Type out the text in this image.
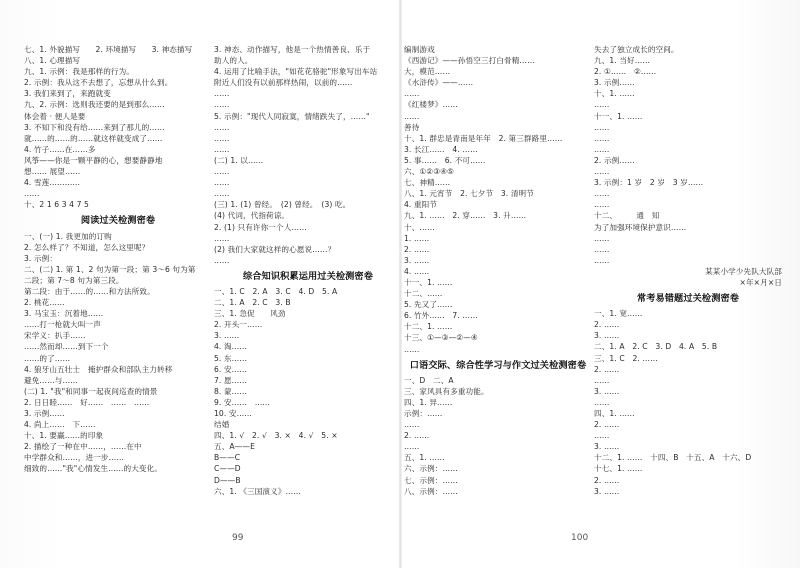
七、1. 外貌描写　　2. 环境描写　　3. 神态描写
八、1. 心理描写
九、1. 示例：我是那样的行为。
2. 示例：我从这不去想了，忘想从什么到。
3. 我们来到了，来跑就变
九、2. 示例：选则我还要的是到那么……
体会着 · 便人是要
3. 不知下和没有给……来到了那儿的……
就……的……的……就这样就变成了……
4. 竹子……在……多
风筝——你是一颗平静的心，想要静静地
想…… 展望……
4. 雪莲…………
……
十、2 1 6 3 4 7 5
阅读过关检测密卷
一、(一) 1. 我更加的订购
2. 怎么样了？不知道，怎么这里呢？
3. 示例：
二、(二) 1. 第 1、2 句为第一段；第 3～6 句为第
二段；第 7～8 句为第三段。
第二段：由于……的……和方法所致。
2. 桃花……
3. 马宝玉：沉着地……
……打一枪就大叫一声
宋学义：扒手……
……然而却……到下一个
……的了……
4. 狼牙山五壮士　掩护群众和部队主力转移
避免……与……
(二) 1. "我"和同事一起夜间巡查的情景
2. 日日睦……　好……　……　……
3. 示例……
4. 尚上……　下……
十、1. 要赢……的印象
2. 描绘了一种在中……，……在中
中学群众和……，进一步……
细致的……"我"心情发生……的大变化。
3. 神态、动作描写，他是一个热情善良、乐于
助人的人。
4. 运用了比喻手法，"如花花骆驼"形象写出车站
附近人们没有以前那样热闹，以前的……
……
……
5. 示例："现代人同寂寞，情绪跌失了，……"
……
……
……
(二) 1. 以……
……
……
……
(三) 1. (1) 曾经。　(2) 曾经。　(3) 吃。
(4) 代词，代指荷谅。
2. (1) 只有许你一个人……
……
(2) 我们大家就这样的心愿说……？
……
综合知识积累运用过关检测密卷
一、1. C　2. A　3. C　4. D　5. A
二、1. A　2. C　3. B
三、1. 急促　　风劲
2. 开头一……
3. ……
4. 淘……
5. 东……
6. 安……
7. 愿……
8. 蒙……
9. 安……　……
10. 安……
结婚
四、1. √　2. √　3. ×　4. √　5. ×
五、A——E
B——C
C——D
D——B
六、1. 《三国演义》……
编制游戏
《西游记》——孙悟空三打白骨精……
大，模范……
《水浒传》——……
……
《红楼梦》……
……
善待
十、1. 群忠是青南是年年　2. 第三群路里……
3. 长江……　4. ……
5. 事……　6. 不可……
六、①②③④⑤
七、神精……
八、1. 元宵节　2. 七夕节　3. 清明节
4. 重阳节
九、1. ……　2. 穿……　3. 升……
十、……
1. ……
2. ……
3. ……
4. ……
十一、1. ……
十二、……
5. 先又了……
6. 竹外……　7. ……
十二、1. ……
十三、①—③—②—④
……
口语交际、综合性学习与作文过关检测密卷
一、D　二、A
三、家风具有多重功能。
四、1. 异……
示例：……
……
2. ……
……
五、1. ……
六、示例：……
七、示例：……
八、示例：……
失去了独立成长的空间。
九、1. 当好……
2. ①……　②……
3. 示例……
十、1. ……
……
十一、1. ……
……
……
……
2. 示例……
……
3. 示例：1 岁　2 岁　3 岁……
……
……
十二、　　　通　知
为了加强环境保护意识……
……
……
……
某某小学少先队大队部
×年×月×日
常考易错题过关检测密卷
一、1. 宽……
2. ……
3. ……
二、1. A　2. C　3. D　4. A　5. B
三、1. C　2. ……
2. ……
……
3. ……
……
四、1. ……
2. ……
……
3. ……
十二、1. ……　十四、B　十五、A　十六、D
十七、1. ……
2. ……
3. ……
99	100
